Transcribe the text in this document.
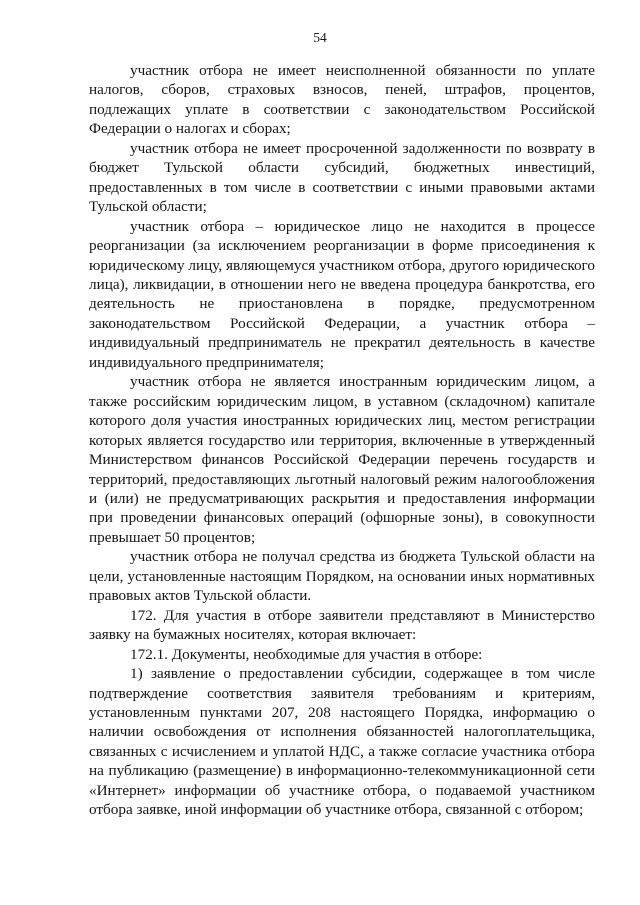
54

участник отбора не имеет неисполненной обязанности по уплате налогов, сборов, страховых взносов, пеней, штрафов, процентов, подлежащих уплате в соответствии с законодательством Российской Федерации о налогах и сборах;

участник отбора не имеет просроченной задолженности по возврату в бюджет Тульской области субсидий, бюджетных инвестиций, предоставленных в том числе в соответствии с иными правовыми актами Тульской области;

участник отбора – юридическое лицо не находится в процессе реорганизации (за исключением реорганизации в форме присоединения к юридическому лицу, являющемуся участником отбора, другого юридического лица), ликвидации, в отношении него не введена процедура банкротства, его деятельность не приостановлена в порядке, предусмотренном законодательством Российской Федерации, а участник отбора – индивидуальный предприниматель не прекратил деятельность в качестве индивидуального предпринимателя;

участник отбора не является иностранным юридическим лицом, а также российским юридическим лицом, в уставном (складочном) капитале которого доля участия иностранных юридических лиц, местом регистрации которых является государство или территория, включенные в утвержденный Министерством финансов Российской Федерации перечень государств и территорий, предоставляющих льготный налоговый режим налогообложения и (или) не предусматривающих раскрытия и предоставления информации при проведении финансовых операций (офшорные зоны), в совокупности превышает 50 процентов;

участник отбора не получал средства из бюджета Тульской области на цели, установленные настоящим Порядком, на основании иных нормативных правовых актов Тульской области.

172. Для участия в отборе заявители представляют в Министерство заявку на бумажных носителях, которая включает:

172.1. Документы, необходимые для участия в отборе:

1) заявление о предоставлении субсидии, содержащее в том числе подтверждение соответствия заявителя требованиям и критериям, установленным пунктами 207, 208 настоящего Порядка, информацию о наличии освобождения от исполнения обязанностей налогоплательщика, связанных с исчислением и уплатой НДС, а также согласие участника отбора на публикацию (размещение) в информационно-телекоммуникационной сети «Интернет» информации об участнике отбора, о подаваемой участником отбора заявке, иной информации об участнике отбора, связанной с отбором;
